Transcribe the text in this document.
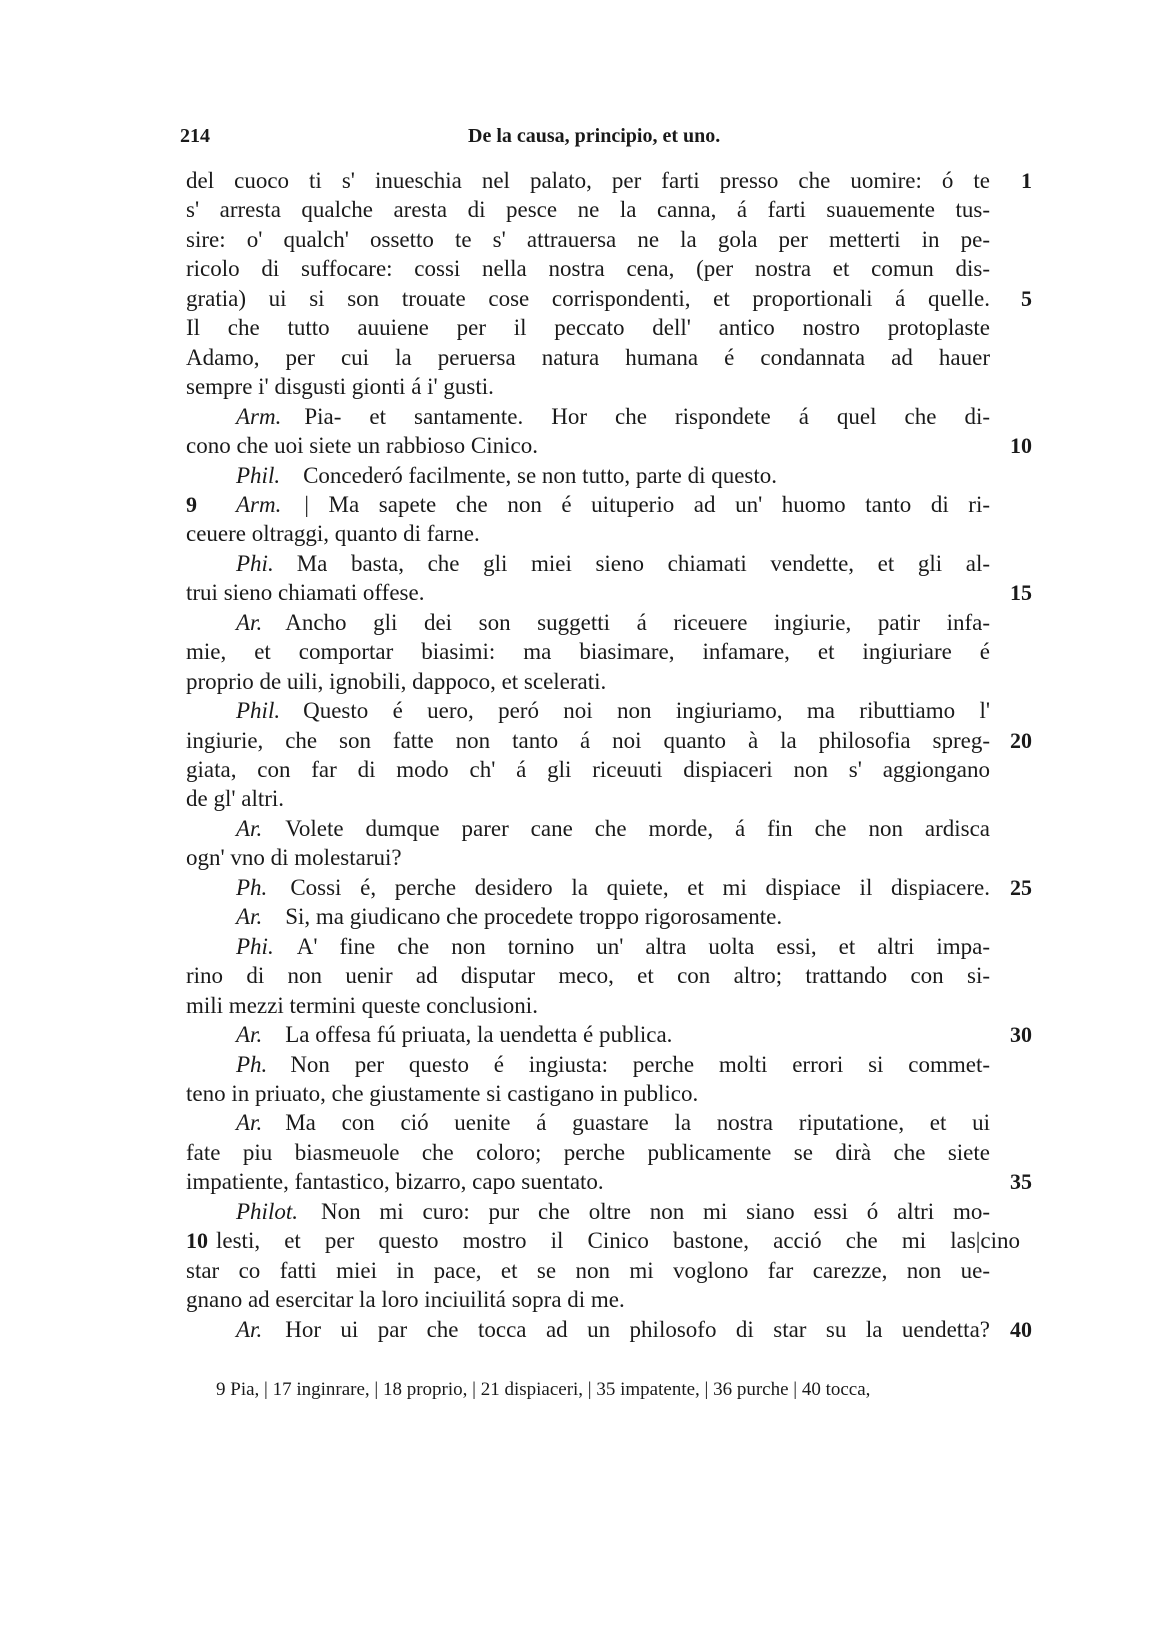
214	De la causa, principio, et uno.
del cuoco ti s' inueschia nel palato, per farti presso che uomire: ó te	1
s' arresta qualche aresta di pesce ne la canna, á farti suauemente tus-
sire: o' qualch' ossetto te s' attrauersa ne la gola per metterti in pe-
ricolo di suffocare: cossi nella nostra cena, (per nostra et comun dis-
gratia) ui si son trouate cose corrispondenti, et proportionali á quelle.	5
Il che tutto auuiene per il peccato dell' antico nostro protoplaste
Adamo, per cui la peruersa natura humana é condannata ad hauer
sempre i' disgusti gionti á i' gusti.
Arm.  Pia- et santamente. Hor che rispondete á quel che di-
cono che uoi siete un rabbioso Cinico.	10
Phil.  Concederó facilmente, se non tutto, parte di questo.
Arm.  | Ma sapete che non é uituperio ad un' huomo tanto di ri-
9
ceuere oltraggi, quanto di farne.
Phi.  Ma basta, che gli miei sieno chiamati vendette, et gli al-
trui sieno chiamati offese.	15
Ar.  Ancho gli dei son suggetti á riceuere ingiurie, patir infa-
mie, et comportar biasimi: ma biasimare, infamare, et ingiuriare é
proprio de uili, ignobili, dappoco, et scelerati.
Phil.  Questo é uero, peró noi non ingiuriamo, ma ributtiamo l'
ingiurie, che son fatte non tanto á noi quanto à la philosofia spreg- 20
giata, con far di modo ch' á gli riceuuti dispiaceri non s' aggiongano
de gl' altri.
Ar.  Volete dumque parer cane che morde, á fin che non ardisca
ogn' vno di molestarui?
Ph.  Cossi é, perche desidero la quiete, et mi dispiace il dispiacere. 25
Ar.  Si, ma giudicano che procedete troppo rigorosamente.
Phi.  A' fine che non tornino un' altra uolta essi, et altri impa-
rino di non uenir ad disputar meco, et con altro; trattando con si-
mili mezzi termini queste conclusioni.
Ar.  La offesa fú priuata, la uendetta é publica.	30
Ph.  Non per questo é ingiusta: perche molti errori si commet-
teno in priuato, che giustamente si castigano in publico.
Ar.  Ma con ció uenite á guastare la nostra riputatione, et ui
fate piu biasmeuole che coloro; perche publicamente se dirà che siete
impatiente, fantastico, bizarro, capo suentato.	35
Philot.  Non mi curo: pur che oltre non mi siano essi ó altri mo-
lesti, et per questo mostro il Cinico bastone, acció che mi las|cino
10
star co fatti miei in pace, et se non mi voglono far carezze, non ue-
gnano ad esercitar la loro inciuilitá sopra di me.
Ar.  Hor ui par che tocca ad un philosofo di star su la uendetta? 40
9 Pia, | 17 inginrare, | 18 proprio, | 21 dispiaceri, | 35 impatente, | 36 purche | 40 tocca,
